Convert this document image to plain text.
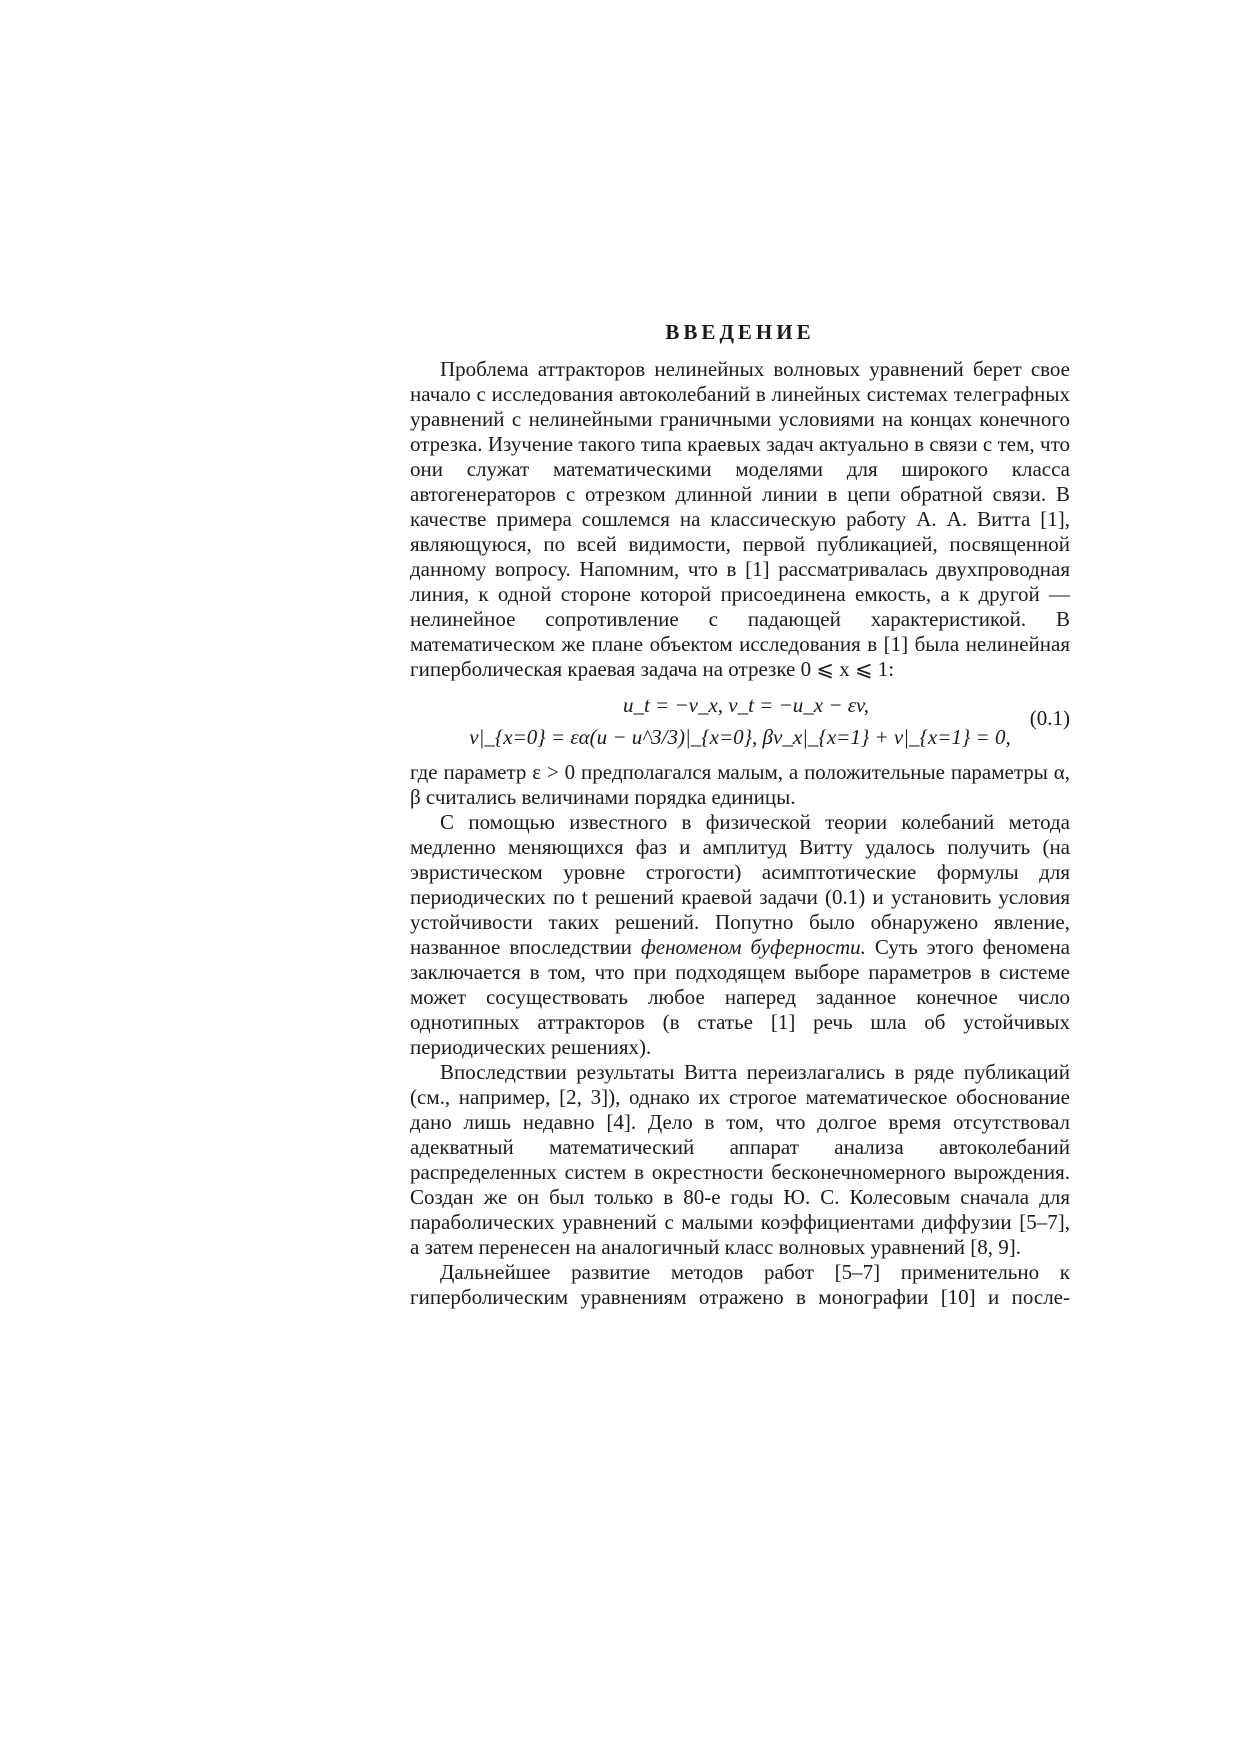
ВВЕДЕНИЕ

Проблема аттракторов нелинейных волновых уравнений берет свое начало с исследования автоколебаний в линейных системах телеграфных уравнений с нелинейными граничными условиями на концах конечного отрезка. Изучение такого типа краевых задач актуально в связи с тем, что они служат математическими моделями для широкого класса автогенераторов с отрезком длинной линии в цепи обратной связи. В качестве примера сошлемся на классическую работу А. А. Витта [1], являющуюся, по всей видимости, первой публикацией, посвященной данному вопросу. Напомним, что в [1] рассматривалась двухпроводная линия, к одной стороне которой присоединена емкость, а к другой — нелинейное сопротивление с падающей характеристикой. В математическом же плане объектом исследования в [1] была нелинейная гиперболическая краевая задача на отрезке 0 ⩽ x ⩽ 1:

u_t = −v_x, v_t = −u_x − εv,
v|_{x=0} = εα(u − u^3/3)|_{x=0}, βv_x|_{x=1} + v|_{x=1} = 0,
(0.1)

где параметр ε > 0 предполагался малым, а положительные параметры α, β считались величинами порядка единицы.

С помощью известного в физической теории колебаний метода медленно меняющихся фаз и амплитуд Витту удалось получить (на эвристическом уровне строгости) асимптотические формулы для периодических по t решений краевой задачи (0.1) и установить условия устойчивости таких решений. Попутно было обнаружено явление, названное впоследствии феноменом буферности. Суть этого феномена заключается в том, что при подходящем выборе параметров в системе может сосуществовать любое наперед заданное конечное число однотипных аттракторов (в статье [1] речь шла об устойчивых периодических решениях).

Впоследствии результаты Витта переизлагались в ряде публикаций (см., например, [2, 3]), однако их строгое математическое обоснование дано лишь недавно [4]. Дело в том, что долгое время отсутствовал адекватный математический аппарат анализа автоколебаний распределенных систем в окрестности бесконечномерного вырождения. Создан же он был только в 80-е годы Ю. С. Колесовым сначала для параболических уравнений с малыми коэффициентами диффузии [5–7], а затем перенесен на аналогичный класс волновых уравнений [8, 9].

Дальнейшее развитие методов работ [5–7] применительно к гиперболическим уравнениям отражено в монографии [10] и после-
